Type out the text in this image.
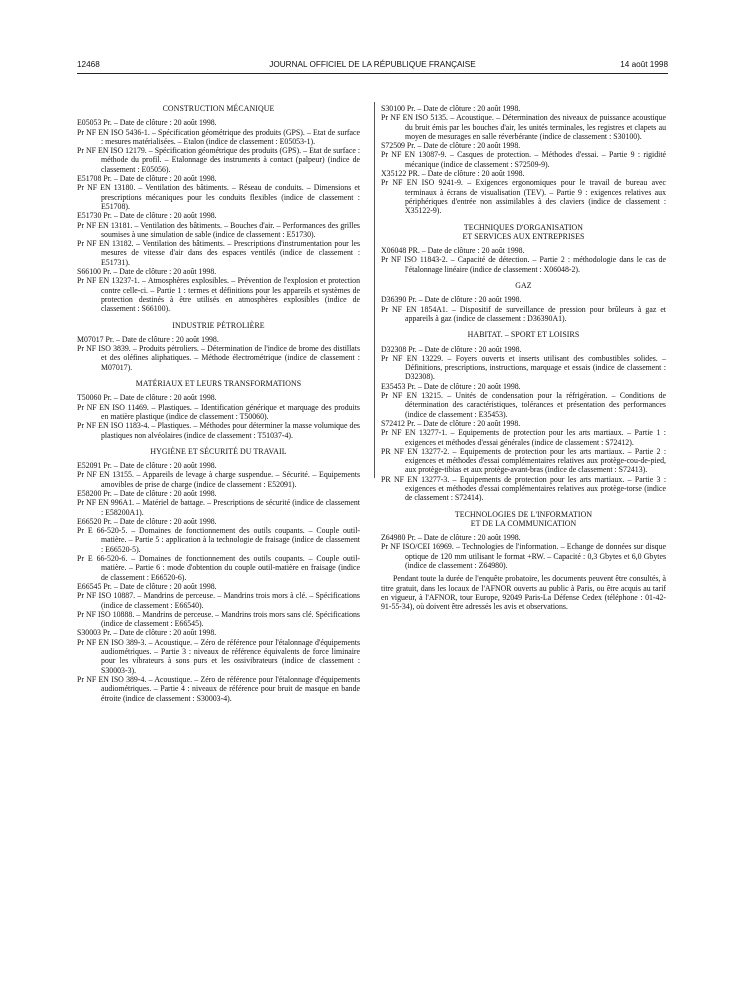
12468	JOURNAL OFFICIEL DE LA RÉPUBLIQUE FRANÇAISE	14 août 1998
CONSTRUCTION MÉCANIQUE

E05053 Pr. – Date de clôture : 20 août 1998.

Pr NF EN ISO 5436-1. – Spécification géométrique des produits (GPS). – Etat de surface : mesures matérialisées. – Etalon (indice de classement : E05053-1).

Pr NF EN ISO 12179. – Spécification géométrique des produits (GPS). – Etat de surface : méthode du profil. – Etalonnage des instruments à contact (palpeur) (indice de classement : E05056).

E51708 Pr. – Date de clôture : 20 août 1998.

Pr NF EN 13180. – Ventilation des bâtiments. – Réseau de conduits. – Dimensions et prescriptions mécaniques pour les conduits flexibles (indice de classement : E51708).

E51730 Pr. – Date de clôture : 20 août 1998.

Pr NF EN 13181. – Ventilation des bâtiments. – Bouches d'air. – Performances des grilles soumises à une simulation de sable (indice de classement : E51730).

Pr NF EN 13182. – Ventilation des bâtiments. – Prescriptions d'instrumentation pour les mesures de vitesse d'air dans des espaces ventilés (indice de classement : E51731).

S66100 Pr. – Date de clôture : 20 août 1998.

Pr NF EN 13237-1. – Atmosphères explosibles. – Prévention de l'explosion et protection contre celle-ci. – Partie 1 : termes et définitions pour les appareils et systèmes de protection destinés à être utilisés en atmosphères explosibles (indice de classement : S66100).

INDUSTRIE PÉTROLIÈRE

M07017 Pr. – Date de clôture : 20 août 1998.

Pr NF ISO 3839. – Produits pétroliers. – Détermination de l'indice de brome des distillats et des oléfines aliphatiques. – Méthode électrométrique (indice de classement : M07017).

MATÉRIAUX ET LEURS TRANSFORMATIONS

T50060 Pr. – Date de clôture : 20 août 1998.

Pr NF EN ISO 11469. – Plastiques. – Identification générique et marquage des produits en matière plastique (indice de classement : T50060).

Pr NF EN ISO 1183-4. – Plastiques. – Méthodes pour déterminer la masse volumique des plastiques non alvéolaires (indice de classement : T51037-4).

HYGIÈNE ET SÉCURITÉ DU TRAVAIL

E52091 Pr. – Date de clôture : 20 août 1998.

Pr NF EN 13155. – Appareils de levage à charge suspendue. – Sécurité. – Equipements amovibles de prise de charge (indice de classement : E52091).

E58200 Pr. – Date de clôture : 20 août 1998.

Pr NF EN 996A1. – Matériel de battage. – Prescriptions de sécurité (indice de classement : E58200A1).

E66520 Pr. – Date de clôture : 20 août 1998.

Pr E 66-520-5. – Domaines de fonctionnement des outils coupants. – Couple outil-matière. – Partie 5 : application à la technologie de fraisage (indice de classement : E66520-5).

Pr E 66-520-6. – Domaines de fonctionnement des outils coupants. – Couple outil-matière. – Partie 6 : mode d'obtention du couple outil-matière en fraisage (indice de classement : E66520-6).

E66545 Pr. – Date de clôture : 20 août 1998.

Pr NF ISO 10887. – Mandrins de perceuse. – Mandrins trois mors à clé. – Spécifications (indice de classement : E66540).

Pr NF ISO 10888. – Mandrins de perceuse. – Mandrins trois mors sans clé. Spécifications (indice de classement : E66545).

S30003 Pr. – Date de clôture : 20 août 1998.

Pr NF EN ISO 389-3. – Acoustique. – Zéro de référence pour l'étalonnage d'équipements audiométriques. – Partie 3 : niveaux de référence équivalents de force liminaire pour les vibrateurs à sons purs et les ossivibrateurs (indice de classement : S30003-3).

Pr NF EN ISO 389-4. – Acoustique. – Zéro de référence pour l'étalonnage d'équipements audiométriques. – Partie 4 : niveaux de référence pour bruit de masque en bande étroite (indice de classement : S30003-4).

S30100 Pr. – Date de clôture : 20 août 1998.

Pr NF EN ISO 5135. – Acoustique. – Détermination des niveaux de puissance acoustique du bruit émis par les bouches d'air, les unités terminales, les registres et clapets au moyen de mesurages en salle réverbérante (indice de classement : S30100).

S72509 Pr. – Date de clôture : 20 août 1998.

Pr NF EN 13087-9. – Casques de protection. – Méthodes d'essai. – Partie 9 : rigidité mécanique (indice de classement : S72509-9).

X35122 PR. – Date de clôture : 20 août 1998.

Pr NF EN ISO 9241-9. – Exigences ergonomiques pour le travail de bureau avec terminaux à écrans de visualisation (TEV). – Partie 9 : exigences relatives aux périphériques d'entrée non assimilables à des claviers (indice de classement : X35122-9).

TECHNIQUES D'ORGANISATION
ET SERVICES AUX ENTREPRISES

X06048 PR. – Date de clôture : 20 août 1998.

Pr NF ISO 11843-2. – Capacité de détection. – Partie 2 : méthodologie dans le cas de l'étalonnage linéaire (indice de classement : X06048-2).

GAZ

D36390 Pr. – Date de clôture : 20 août 1998.

Pr NF EN 1854A1. – Dispositif de surveillance de pression pour brûleurs à gaz et appareils à gaz (indice de classement : D36390A1).

HABITAT. – SPORT ET LOISIRS

D32308 Pr. – Date de clôture : 20 août 1998.

Pr NF EN 13229. – Foyers ouverts et inserts utilisant des combustibles solides. – Définitions, prescriptions, instructions, marquage et essais (indice de classement : D32308).

E35453 Pr. – Date de clôture : 20 août 1998.

Pr NF EN 13215. – Unités de condensation pour la réfrigération. – Conditions de détermination des caractéristiques, tolérances et présentation des performances (indice de classement : E35453).

S72412 Pr. – Date de clôture : 20 août 1998.

Pr NF EN 13277-1. – Equipements de protection pour les arts martiaux. – Partie 1 : exigences et méthodes d'essai générales (indice de classement : S72412).

PR NF EN 13277-2. – Equipements de protection pour les arts martiaux. – Partie 2 : exigences et méthodes d'essai complémentaires relatives aux protège-cou-de-pied, aux protège-tibias et aux protège-avant-bras (indice de classement : S72413).

PR NF EN 13277-3. – Equipements de protection pour les arts martiaux. – Partie 3 : exigences et méthodes d'essai complémentaires relatives aux protège-torse (indice de classement : S72414).

TECHNOLOGIES DE L'INFORMATION
ET DE LA COMMUNICATION

Z64980 Pr. – Date de clôture : 20 août 1998.

Pr NF ISO/CEI 16969. – Technologies de l'information. – Echange de données sur disque optique de 120 mm utilisant le format +RW. – Capacité : 0,3 Gbytes et 6,0 Gbytes (indice de classement : Z64980).

Pendant toute la durée de l'enquête probatoire, les documents peuvent être consultés, à titre gratuit, dans les locaux de l'AFNOR ouverts au public à Paris, ou être acquis au tarif en vigueur, à l'AFNOR, tour Europe, 92049 Paris-La Défense Cedex (téléphone : 01-42-91-55-34), où doivent être adressés les avis et observations.
